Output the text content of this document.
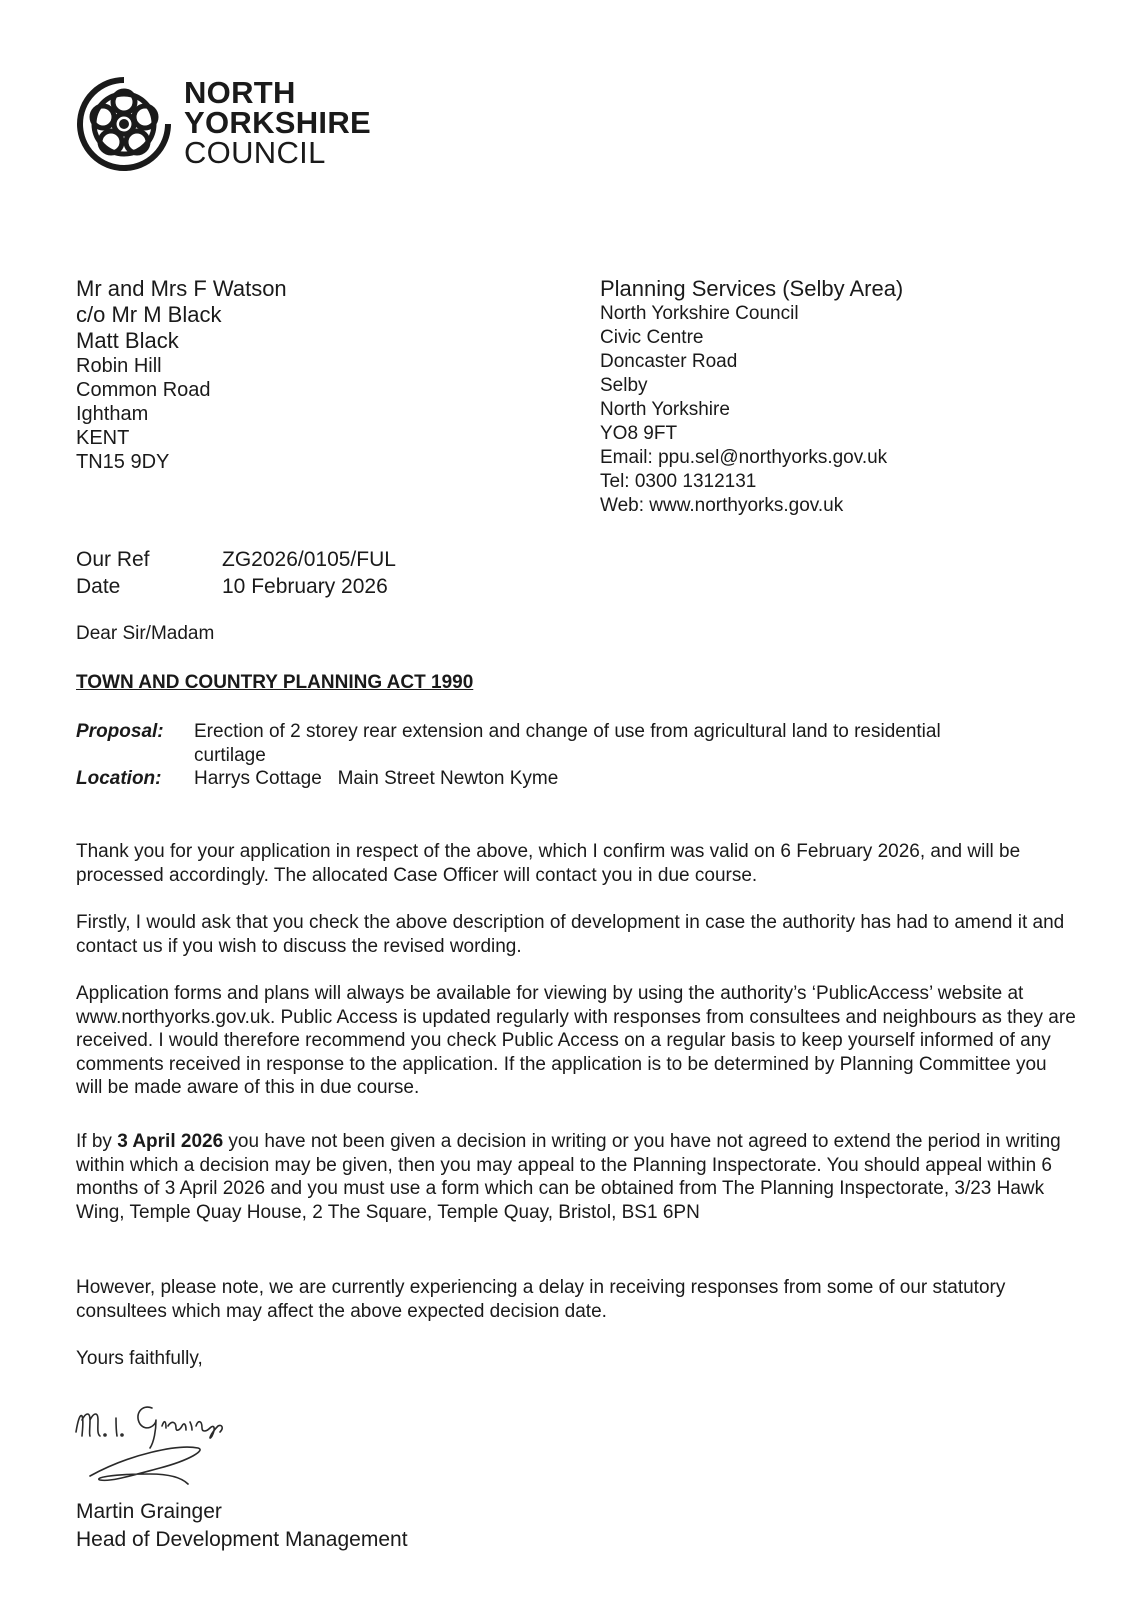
NORTH
YORKSHIRE
COUNCIL
Mr and Mrs F Watson
c/o Mr M Black
Matt Black
Robin Hill
Common Road
Ightham
KENT
TN15 9DY
Planning Services (Selby Area)
North Yorkshire Council
Civic Centre
Doncaster Road
Selby
North Yorkshire
YO8 9FT
Email: ppu.sel@northyorks.gov.uk
Tel: 0300 1312131
Web: www.northyorks.gov.uk
Our Ref	ZG2026/0105/FUL
Date	10 February 2026
Dear Sir/Madam
TOWN AND COUNTRY PLANNING ACT 1990
Proposal:	Erection of 2 storey rear extension and change of use from agricultural land to residential curtilage
Location:	Harrys Cottage   Main Street Newton Kyme
Thank you for your application in respect of the above, which I confirm was valid on 6 February 2026, and will be processed accordingly. The allocated Case Officer will contact you in due course.
Firstly, I would ask that you check the above description of development in case the authority has had to amend it and contact us if you wish to discuss the revised wording.
Application forms and plans will always be available for viewing by using the authority’s ‘PublicAccess’ website at www.northyorks.gov.uk. Public Access is updated regularly with responses from consultees and neighbours as they are received. I would therefore recommend you check Public Access on a regular basis to keep yourself informed of any comments received in response to the application. If the application is to be determined by Planning Committee you will be made aware of this in due course.
If by 3 April 2026 you have not been given a decision in writing or you have not agreed to extend the period in writing within which a decision may be given, then you may appeal to the Planning Inspectorate. You should appeal within 6 months of 3 April 2026 and you must use a form which can be obtained from The Planning Inspectorate, 3/23 Hawk Wing, Temple Quay House, 2 The Square, Temple Quay, Bristol, BS1 6PN
However, please note, we are currently experiencing a delay in receiving responses from some of our statutory consultees which may affect the above expected decision date.
Yours faithfully,
Martin Grainger
Head of Development Management
